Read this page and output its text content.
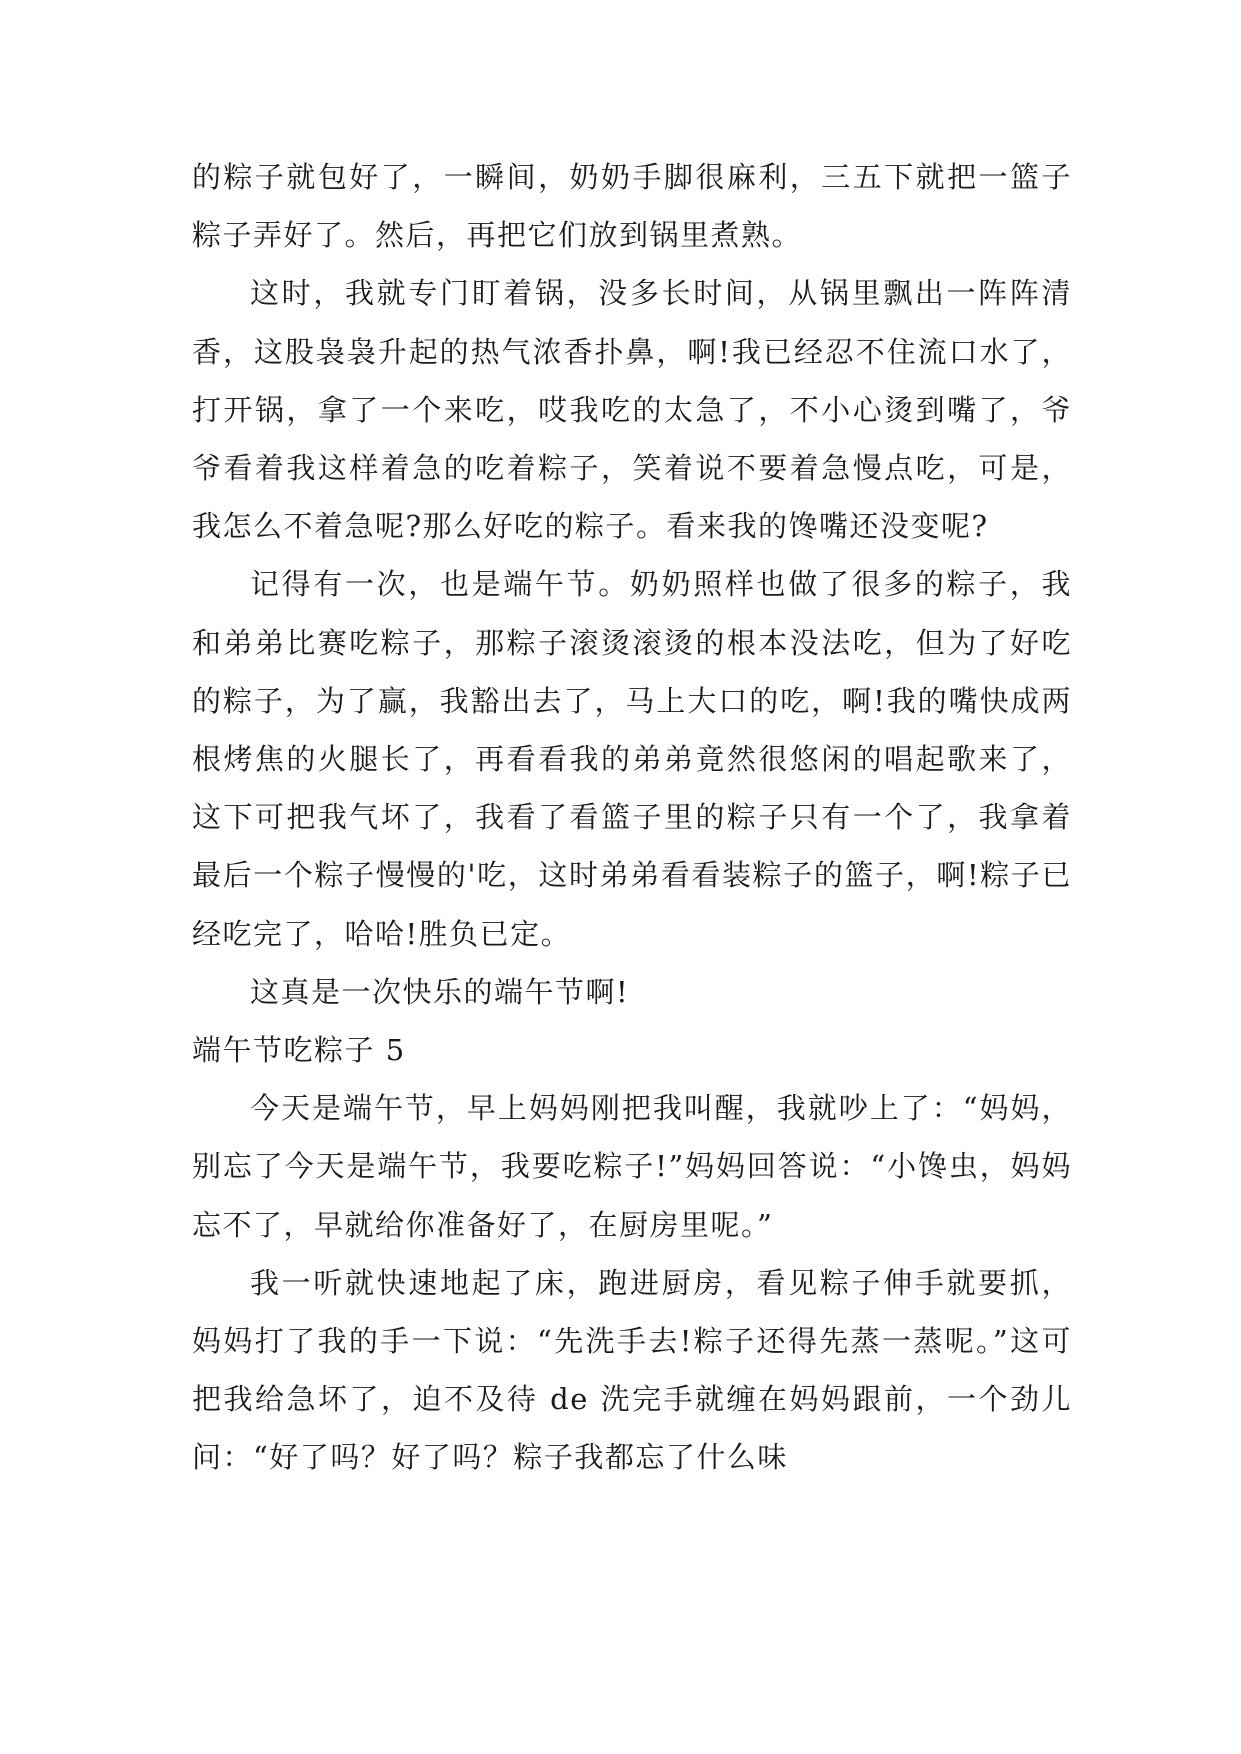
的粽子就包好了，一瞬间，奶奶手脚很麻利，三五下就把一篮子粽子弄好了。然后，再把它们放到锅里煮熟。

这时，我就专门盯着锅，没多长时间，从锅里飘出一阵阵清香，这股袅袅升起的热气浓香扑鼻，啊!我已经忍不住流口水了，打开锅，拿了一个来吃，哎我吃的太急了，不小心烫到嘴了，爷爷看着我这样着急的吃着粽子，笑着说不要着急慢点吃，可是，我怎么不着急呢?那么好吃的粽子。看来我的馋嘴还没变呢?

记得有一次，也是端午节。奶奶照样也做了很多的粽子，我和弟弟比赛吃粽子，那粽子滚烫滚烫的根本没法吃，但为了好吃的粽子，为了赢，我豁出去了，马上大口的吃，啊!我的嘴快成两根烤焦的火腿长了，再看看我的弟弟竟然很悠闲的唱起歌来了，这下可把我气坏了，我看了看篮子里的粽子只有一个了，我拿着最后一个粽子慢慢的'吃，这时弟弟看看装粽子的篮子，啊!粽子已经吃完了，哈哈!胜负已定。

这真是一次快乐的端午节啊!

端午节吃粽子 5

今天是端午节，早上妈妈刚把我叫醒，我就吵上了：“妈妈，别忘了今天是端午节，我要吃粽子!”妈妈回答说：“小馋虫，妈妈忘不了，早就给你准备好了，在厨房里呢。”

我一听就快速地起了床，跑进厨房，看见粽子伸手就要抓，妈妈打了我的手一下说：“先洗手去!粽子还得先蒸一蒸呢。”这可把我给急坏了，迫不及待 de 洗完手就缠在妈妈跟前，一个劲儿问：“好了吗？好了吗？粽子我都忘了什么味
